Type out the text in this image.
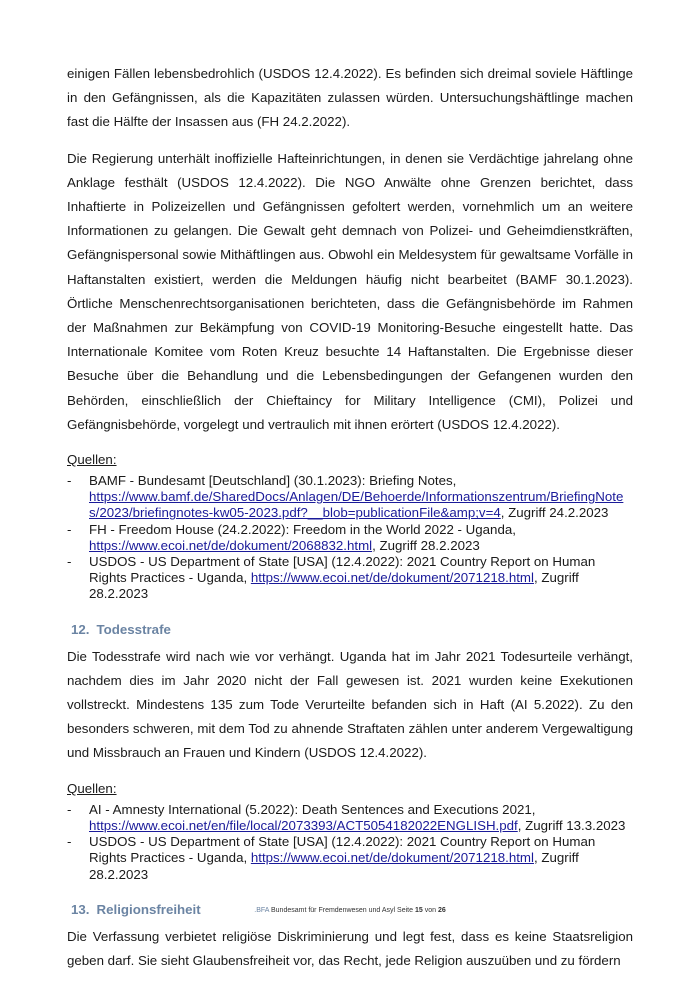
einigen Fällen lebensbedrohlich (USDOS 12.4.2022). Es befinden sich dreimal soviele Häftlinge in den Gefängnissen, als die Kapazitäten zulassen würden. Untersuchungshäftlinge machen fast die Hälfte der Insassen aus (FH 24.2.2022).

Die Regierung unterhält inoffizielle Hafteinrichtungen, in denen sie Verdächtige jahrelang ohne Anklage festhält (USDOS 12.4.2022). Die NGO Anwälte ohne Grenzen berichtet, dass Inhaftierte in Polizeizellen und Gefängnissen gefoltert werden, vornehmlich um an weitere Informationen zu gelangen. Die Gewalt geht demnach von Polizei- und Geheimdienstkräften, Gefängnispersonal sowie Mithäftlingen aus. Obwohl ein Meldesystem für gewaltsame Vorfälle in Haftanstalten existiert, werden die Meldungen häufig nicht bearbeitet (BAMF 30.1.2023). Örtliche Menschenrechtsorganisationen berichteten, dass die Gefängnisbehörde im Rahmen der Maßnahmen zur Bekämpfung von COVID-19 Monitoring-Besuche eingestellt hatte. Das Internationale Komitee vom Roten Kreuz besuchte 14 Haftanstalten. Die Ergebnisse dieser Besuche über die Behandlung und die Lebensbedingungen der Gefangenen wurden den Behörden, einschließlich der Chieftaincy for Military Intelligence (CMI), Polizei und Gefängnisbehörde, vorgelegt und vertraulich mit ihnen erörtert (USDOS 12.4.2022).

Quellen:
- BAMF - Bundesamt [Deutschland] (30.1.2023): Briefing Notes,
https://www.bamf.de/SharedDocs/Anlagen/DE/Behoerde/Informationszentrum/BriefingNotes/2023/briefingnotes-kw05-2023.pdf?__blob=publicationFile&amp;v=4, Zugriff 24.2.2023
- FH - Freedom House (24.2.2022): Freedom in the World 2022 - Uganda,
https://www.ecoi.net/de/dokument/2068832.html, Zugriff 28.2.2023
- USDOS - US Department of State [USA] (12.4.2022): 2021 Country Report on Human Rights Practices - Uganda, https://www.ecoi.net/de/dokument/2071218.html, Zugriff 28.2.2023
12. Todesstrafe

Die Todesstrafe wird nach wie vor verhängt. Uganda hat im Jahr 2021 Todesurteile verhängt, nachdem dies im Jahr 2020 nicht der Fall gewesen ist. 2021 wurden keine Exekutionen vollstreckt. Mindestens 135 zum Tode Verurteilte befanden sich in Haft (AI 5.2022). Zu den besonders schweren, mit dem Tod zu ahnende Straftaten zählen unter anderem Vergewaltigung und Missbrauch an Frauen und Kindern (USDOS 12.4.2022).

Quellen:
- AI - Amnesty International (5.2022): Death Sentences and Executions 2021,
https://www.ecoi.net/en/file/local/2073393/ACT5054182022ENGLISH.pdf, Zugriff 13.3.2023
- USDOS - US Department of State [USA] (12.4.2022): 2021 Country Report on Human Rights Practices - Uganda, https://www.ecoi.net/de/dokument/2071218.html, Zugriff 28.2.2023
13. Religionsfreiheit

Die Verfassung verbietet religiöse Diskriminierung und legt fest, dass es keine Staatsreligion geben darf. Sie sieht Glaubensfreiheit vor, das Recht, jede Religion auszuüben und zu fördern

.BFA Bundesamt für Fremdenwesen und Asyl Seite 15 von 26
